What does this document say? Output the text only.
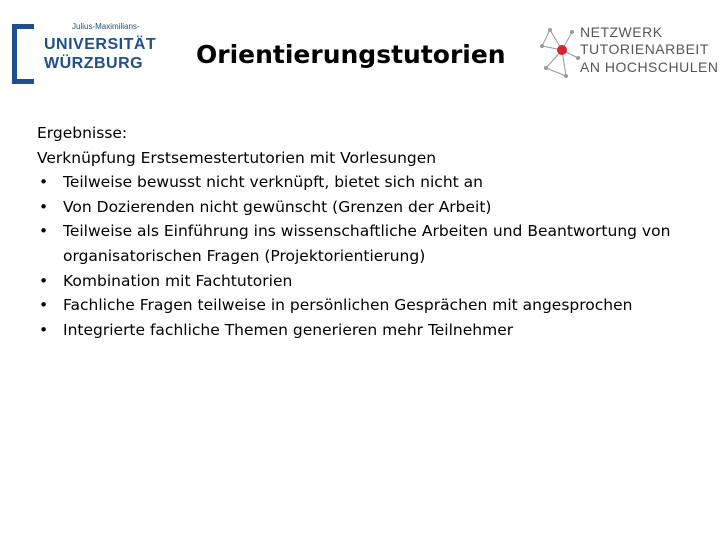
Julius-Maximilians-
UNIVERSITÄT
WÜRZBURG Orientierungstutorien
NETZWERK
TUTORIENARBEIT
AN HOCHSCHULEN

Ergebnisse:

Verknüpfung Erstsemestertutorien mit Vorlesungen

• Teilweise bewusst nicht verknüpft, bietet sich nicht an
• Von Dozierenden nicht gewünscht (Grenzen der Arbeit)
• Teilweise als Einführung ins wissenschaftliche Arbeiten und Beantwortung von organisatorischen Fragen (Projektorientierung)
• Kombination mit Fachtutorien
• Fachliche Fragen teilweise in persönlichen Gesprächen mit angesprochen
• Integrierte fachliche Themen generieren mehr Teilnehmer
